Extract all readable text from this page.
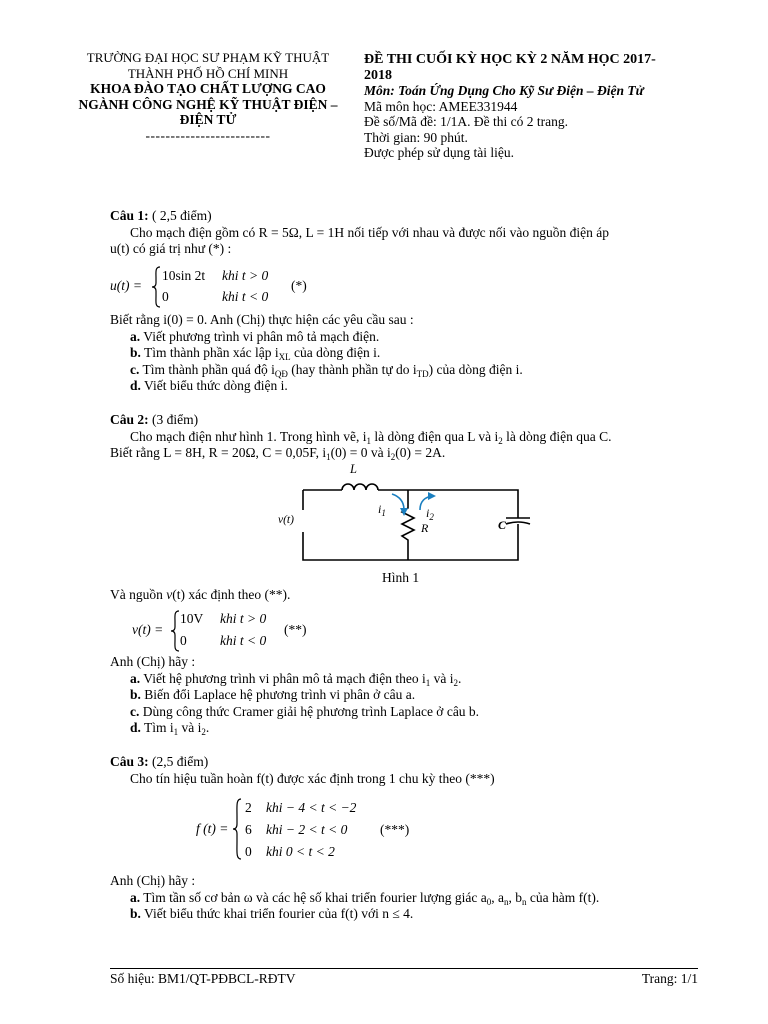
TRƯỜNG ĐẠI HỌC SƯ PHẠM KỸ THUẬT
THÀNH PHỐ HỒ CHÍ MINH
KHOA ĐÀO TẠO CHẤT LƯỢNG CAO
NGÀNH CÔNG NGHỆ KỸ THUẬT ĐIỆN –
ĐIỆN TỬ
-------------------------
ĐỀ THI CUỐI KỲ HỌC KỲ 2 NĂM HỌC 2017-
2018
Môn: Toán Ứng Dụng Cho Kỹ Sư Điện – Điện Tử
Mã môn học: AMEE331944
Đề số/Mã đề: 1/1A. Đề thi có 2 trang.
Thời gian: 90 phút.
Được phép sử dụng tài liệu.
Câu 1: ( 2,5 điểm)
Cho mạch điện gồm có R = 5Ω, L = 1H nối tiếp với nhau và được nối vào nguồn điện áp
u(t) có giá trị như (*) :
u(t) =
10sin 2t khi t > 0
0	khi t < 0
(*)
Biết rằng i(0) = 0. Anh (Chị) thực hiện các yêu cầu sau :
a. Viết phương trình vi phân mô tả mạch điện.
b. Tìm thành phần xác lập $i_{XL}$ của dòng điện i.
c. Tìm thành phần quá độ $i_{QĐ}$ (hay thành phần tự do $i_{TD}$) của dòng điện i.
d. Viết biểu thức dòng điện i.
Câu 2: (3 điểm)
Cho mạch điện như hình 1. Trong hình vẽ, $i_1$ là dòng điện qua L và $i_2$ là dòng điện qua C.
Biết rằng L = 8H, R = 20Ω, C = 0,05F, $i_1(0) = 0$ và $i_2(0) = 2A$.
L
v(t)
$i_1$	$i_2$
R	C
Hình 1
Và nguồn v(t) xác định theo (**).
v(t) =
10V khi t > 0
0 khi t < 0
(**)
Anh (Chị) hãy :
a. Viết hệ phương trình vi phân mô tả mạch điện theo $i_1$ và $i_2$.
b. Biến đổi Laplace hệ phương trình vi phân ở câu a.
c. Dùng công thức Cramer giải hệ phương trình Laplace ở câu b.
d. Tìm $i_1$ và $i_2$.
Câu 3: (2,5 điểm)
Cho tín hiệu tuần hoàn f(t) được xác định trong 1 chu kỳ theo (***)
f (t) =
2 khi − 4 < t < −2
6 khi − 2 < t < 0
0 khi 0 < t < 2
(***)
Anh (Chị) hãy :
a. Tìm tần số cơ bản ω và các hệ số khai triển fourier lượng giác $a_0$, $a_n$, $b_n$ của hàm f(t).
b. Viết biểu thức khai triển fourier của f(t) với n ≤ 4.
Số hiệu: BM1/QT-PĐBCL-RĐTV	Trang: 1/1
